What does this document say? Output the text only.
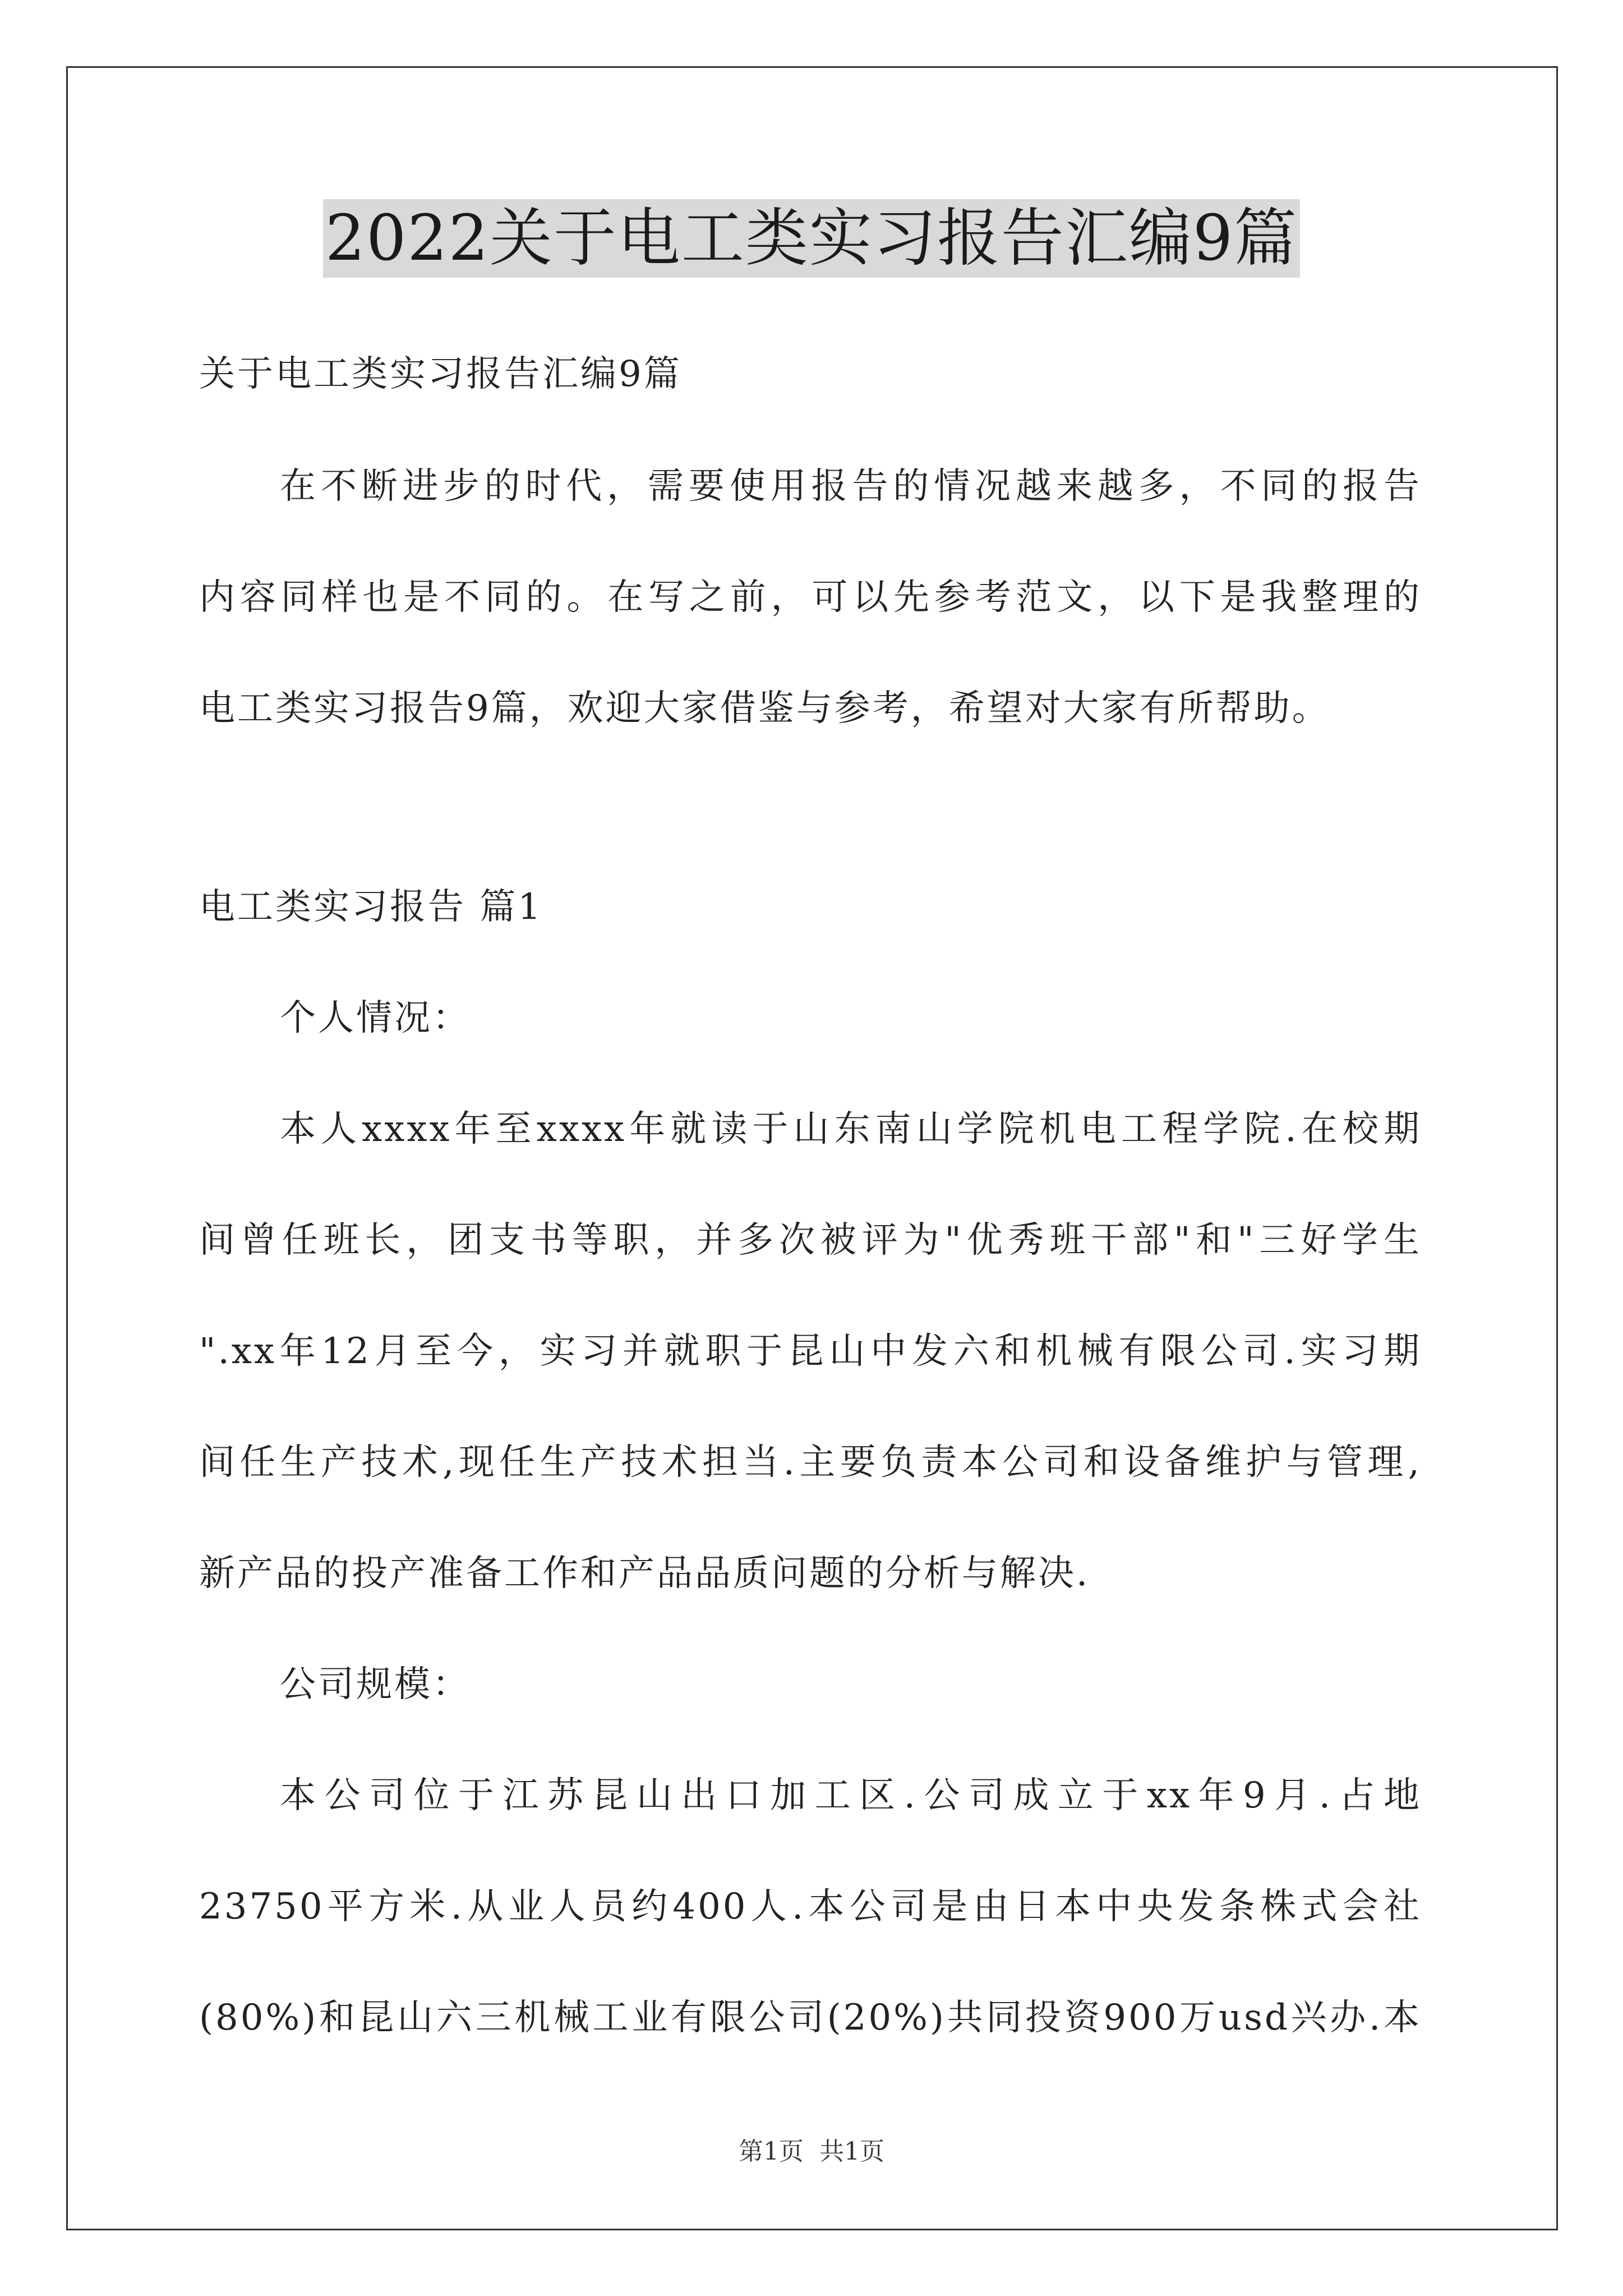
2022关于电工类实习报告汇编9篇
关于电工类实习报告汇编9篇
在不断进步的时代，需要使用报告的情况越来越多，不同的报告
内容同样也是不同的。在写之前，可以先参考范文，以下是我整理的
电工类实习报告9篇，欢迎大家借鉴与参考，希望对大家有所帮助。
电工类实习报告 篇1
个人情况：
本人xxxx年至xxxx年就读于山东南山学院机电工程学院.在校期
间曾任班长，团支书等职，并多次被评为"优秀班干部"和"三好学生
".xx年12月至今，实习并就职于昆山中发六和机械有限公司.实习期
间任生产技术,现任生产技术担当.主要负责本公司和设备维护与管理,
新产品的投产准备工作和产品品质问题的分析与解决.
公司规模：
本公司位于江苏昆山出口加工区.公司成立于xx年9月.占地
23750平方米.从业人员约400人.本公司是由日本中央发条株式会社
(80%)和昆山六三机械工业有限公司(20%)共同投资900万usd兴办.本
第1页 共1页
